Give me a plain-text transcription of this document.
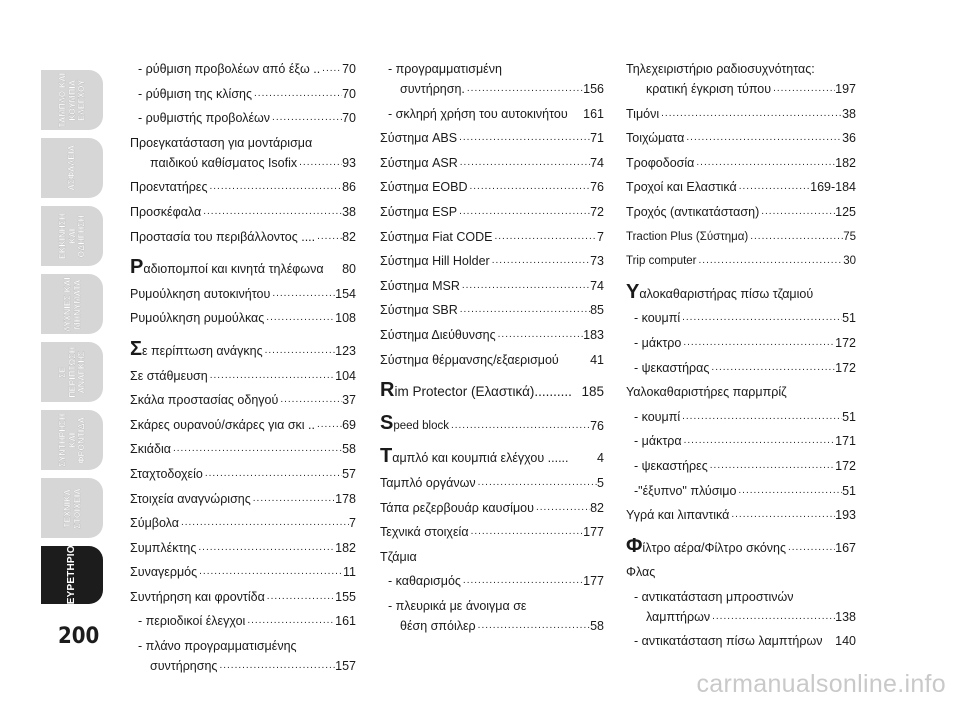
ΤΑΜΠΛΟ ΚΑΙ
ΚΟΥΜΠΙΑ
ΕΛΕΓΧΟΥ
ΑΣΦΑΛΕΙΑ
ΕΚΚΙΝΗΣΗ ΚΑΙ
ΟΔΗΓΗΣΗ
ΛΥΧΝΙΕΣ ΚΑΙ
ΜΗΝΥΜΑΤΑ
ΣΕ ΠΕΡΙΠΤΩΣΗ
ΑΝΑΓΚΗΣ
ΣΥΝΤΗΡΗΣΗ ΚΑΙ
ΦΡΟΝΤΙΔΑ
ΤΕΧΝΙΚΑ
ΣΤΟΙΧΕΙΑ
ΕΥΡΕΤΗΡΙΟ
200
- ρύθμιση προβολέων από έξω .. ..... 70
- ρύθμιση της κλίσης .....	70
- ρυθμιστής προβολέων .....	70
Προεγκατάσταση για μοντάρισμα
παιδικού καθίσματος Isofix .....	93
Προεντατήρες .....	86
Προσκέφαλα .....	38
Προστασία του περιβάλλοντος .... ..... 82
Ραδιοπομποί και κινητά τηλέφωνα 80
Ρυμούλκηση αυτοκινήτου .....	154
Ρυμούλκηση ρυμούλκας .....	108
Σε περίπτωση ανάγκης .....	123
Σε στάθμευση .....	104
Σκάλα προστασίας οδηγού .....	37
Σκάρες ουρανού/σκάρες για σκι .. ..... 69
Σκιάδια .....	58
Σταχτοδοχείο .....	57
Στοιχεία αναγνώρισης .....	178
Σύμβολα .....	7
Συμπλέκτης .....	182
Συναγερμός .....	11
Συντήρηση και φροντίδα .....	155
- περιοδικοί έλεγχοι .....	161
- πλάνο προγραμματισμένης
συντήρησης .....	157
- προγραμματισμένη
συντήρηση. .....	156
- σκληρή χρήση του αυτοκινήτου 161
Σύστημα ABS .....	71
Σύστημα ASR .....	74
Σύστημα EOBD .....	76
Σύστημα ESP .....	72
Σύστημα Fiat CODE .....	7
Σύστημα Hill Holder .....	73
Σύστημα MSR .....	74
Σύστημα SBR .....	85
Σύστημα Διεύθυνσης .....	183
Σύστημα θέρμανσης/εξαερισμού	41
Rim Protector (Ελαστικά).......... 185
Speed block .....	76
Ταμπλό και κουμπιά ελέγχου ...... 4
Ταμπλό οργάνων .....	5
Τάπα ρεζερβουάρ καυσίμου .....	82
Τεχνικά στοιχεία .....	177
Τζάμια
- καθαρισμός .....	177
- πλευρικά με άνοιγμα σε
θέση σπόιλερ .....	58
Τηλεχειριστήριο ραδιοσυχνότητας:
κρατική έγκριση τύπου .....	197
Τιμόνι .....	38
Τοιχώματα .....	36
Τροφοδοσία .....	182
Τροχοί και Ελαστικά .....	169-184
Τροχός (αντικατάσταση) .....	125
Traction Plus (Σύστημα) .....	75
Trip computer .....	30
Υαλοκαθαριστήρας πίσω τζαμιού
- κουμπί .....	51
- μάκτρο .....	172
- ψεκαστήρας .....	172
Υαλοκαθαριστήρες παρμπρίζ
- κουμπί .....	51
- μάκτρα .....	171
- ψεκαστήρες .....	172
-"έξυπνο" πλύσιμο .....	51
Υγρά και λιπαντικά .....	193
Φίλτρο αέρα/Φίλτρο σκόνης .....	167
Φλας
- αντικατάσταση μπροστινών
λαμπτήρων .....	138
- αντικατάσταση πίσω λαμπτήρων 140
carmanualsonline.info
